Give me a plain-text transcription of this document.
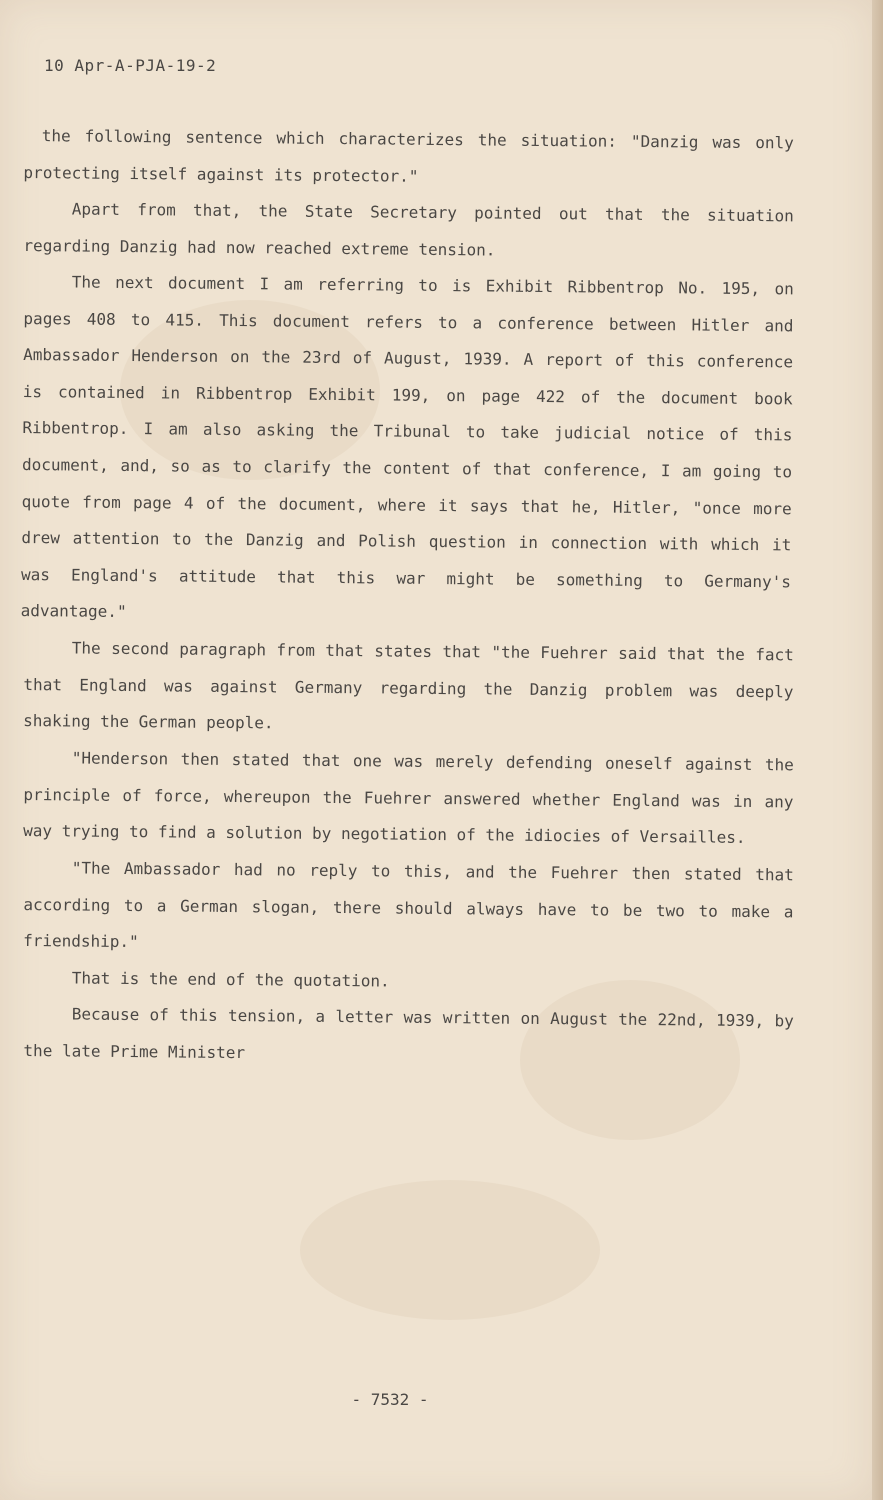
10 Apr-A-PJA-19-2

the following sentence which characterizes the situation: "Danzig was only protecting itself against its protector."

Apart from that, the State Secretary pointed out that the situation regarding Danzig had now reached extreme tension.

The next document I am referring to is Exhibit Ribbentrop No. 195, on pages 408 to 415. This document refers to a conference between Hitler and Ambassador Henderson on the 23rd of August, 1939. A report of this conference is contained in Ribbentrop Exhibit 199, on page 422 of the document book Ribbentrop. I am also asking the Tribunal to take judicial notice of this document, and, so as to clarify the content of that conference, I am going to quote from page 4 of the document, where it says that he, Hitler, "once more drew attention to the Danzig and Polish question in connection with which it was England's attitude that this war might be something to Germany's advantage."

The second paragraph from that states that "the Fuehrer said that the fact that England was against Germany regarding the Danzig problem was deeply shaking the German people.

"Henderson then stated that one was merely defending oneself against the principle of force, whereupon the Fuehrer answered whether England was in any way trying to find a solution by negotiation of the idiocies of Versailles.

"The Ambassador had no reply to this, and the Fuehrer then stated that according to a German slogan, there should always have to be two to make a friendship."

That is the end of the quotation.

Because of this tension, a letter was written on August the 22nd, 1939, by the late Prime Minister

- 7532 -
